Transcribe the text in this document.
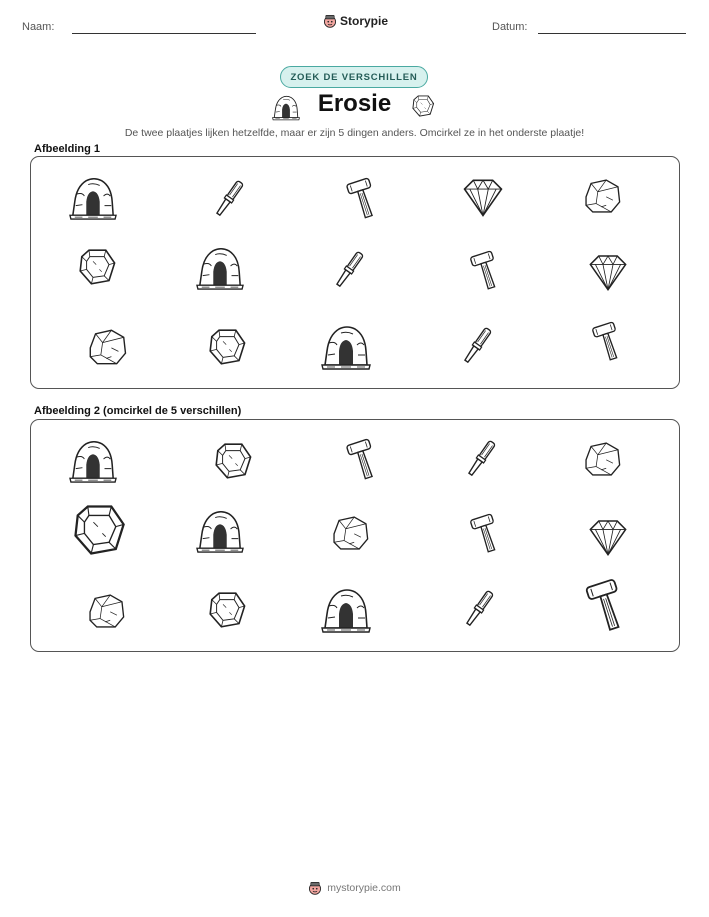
Naam:	Storypie	Datum:
ZOEK DE VERSCHILLEN
Erosie
De twee plaatjes lijken hetzelfde, maar er zijn 5 dingen anders. Omcirkel ze in het onderste plaatje!
Afbeelding 1
Afbeelding 2 (omcirkel de 5 verschillen)
mystorypie.com
